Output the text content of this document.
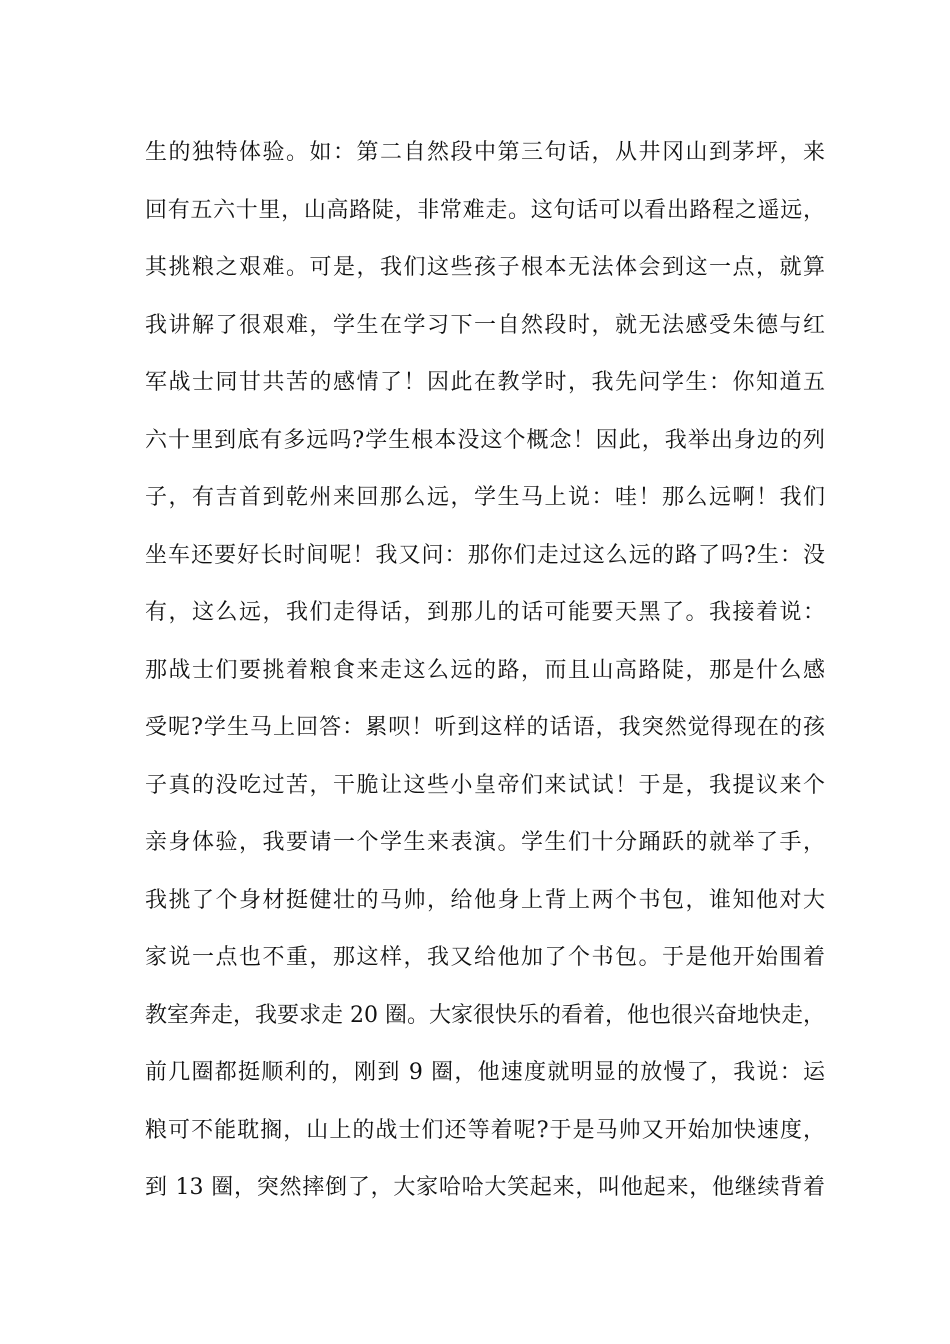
生的独特体验。如：第二自然段中第三句话，从井冈山到茅坪，来
回有五六十里，山高路陡，非常难走。这句话可以看出路程之遥远，
其挑粮之艰难。可是，我们这些孩子根本无法体会到这一点，就算
我讲解了很艰难，学生在学习下一自然段时，就无法感受朱德与红
军战士同甘共苦的感情了！因此在教学时，我先问学生：你知道五
六十里到底有多远吗?学生根本没这个概念！因此，我举出身边的列
子，有吉首到乾州来回那么远，学生马上说：哇！那么远啊！我们
坐车还要好长时间呢！我又问：那你们走过这么远的路了吗?生：没
有，这么远，我们走得话，到那儿的话可能要天黑了。我接着说：
那战士们要挑着粮食来走这么远的路，而且山高路陡，那是什么感
受呢?学生马上回答：累呗！听到这样的话语，我突然觉得现在的孩
子真的没吃过苦，干脆让这些小皇帝们来试试！于是，我提议来个
亲身体验，我要请一个学生来表演。学生们十分踊跃的就举了手，
我挑了个身材挺健壮的马帅，给他身上背上两个书包，谁知他对大
家说一点也不重，那这样，我又给他加了个书包。于是他开始围着
教室奔走，我要求走 20 圈。大家很快乐的看着，他也很兴奋地快走，
前几圈都挺顺利的，刚到 9 圈，他速度就明显的放慢了，我说：运
粮可不能耽搁，山上的战士们还等着呢?于是马帅又开始加快速度，
到 13 圈，突然摔倒了，大家哈哈大笑起来，叫他起来，他继续背着
